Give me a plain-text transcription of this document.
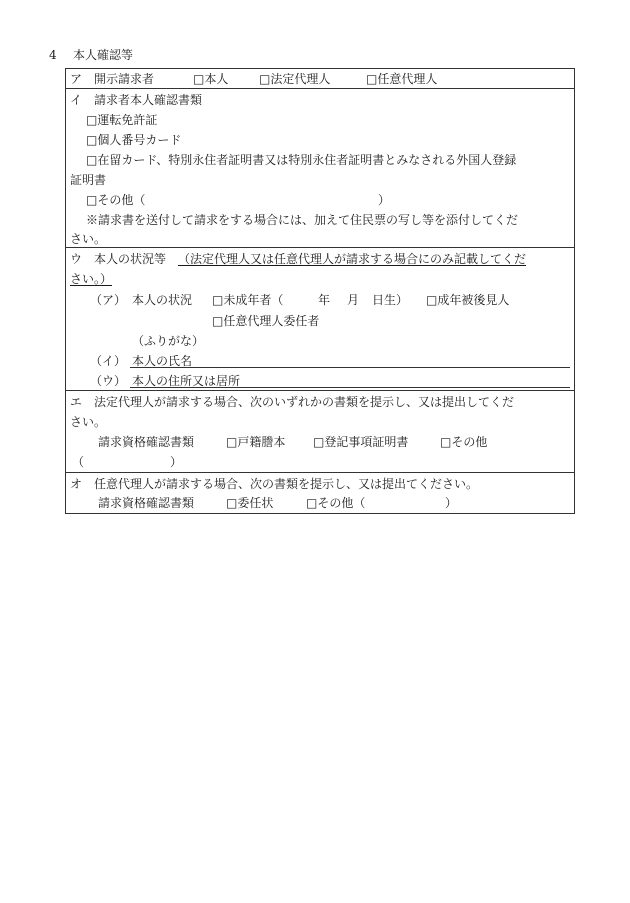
4 本人確認等
ア　開示請求者	□本人	□法定代理人	□任意代理人
イ　請求者本人確認書類
□運転免許証
□個人番号カード
□在留カード、特別永住者証明書又は特別永住者証明書とみなされる外国人登録
証明書
□その他（	）
※請求書を送付して請求をする場合には、加えて住民票の写し等を添付してくだ
さい。
ウ　本人の状況等 （法定代理人又は任意代理人が請求する場合にのみ記載してくだ
さい。）
（ア） 本人の状況 □未成年者（	年 月 日生） □成年被後見人
□任意代理人委任者
（ふりがな）
（イ） 本人の氏名
（ウ） 本人の住所又は居所
エ　法定代理人が請求する場合、次のいずれかの書類を提示し、又は提出してくだ
さい。
請求資格確認書類	□戸籍謄本 □登記事項証明書	□その他
（	）
オ　任意代理人が請求する場合、次の書類を提示し、又は提出てください。
請求資格確認書類	□委任状	□その他（	）
